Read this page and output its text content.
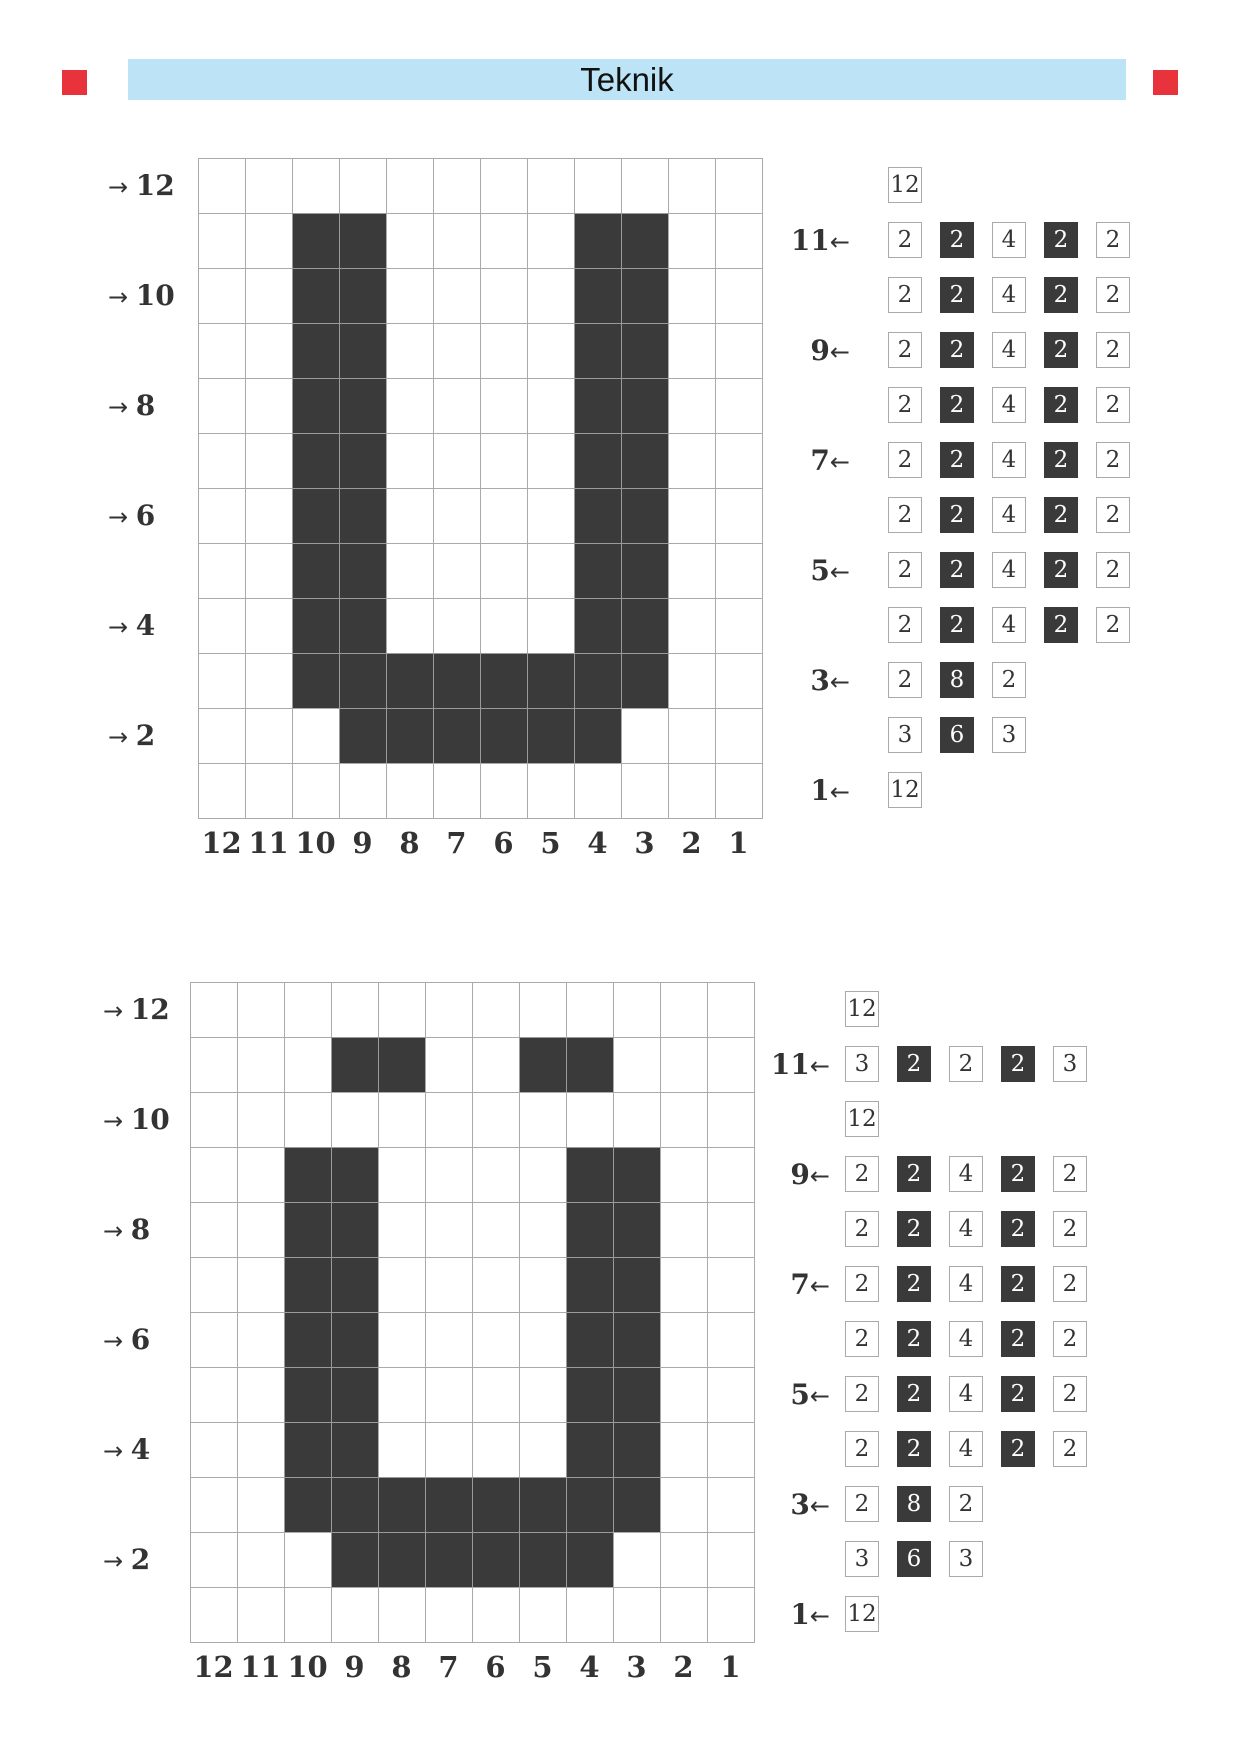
Teknik
12 11 10 9 8 7 6 5 4 3 2 1
→ 12
→ 10
→ 8
→ 6
→ 4
→ 2
11←
9←
7←
5←
3←
1←
12
2	2	4	2	2
2	2	4	2	2
2	2	4	2	2
2	2	4	2	2
2	2	4	2	2
2	2	4	2	2
2	2	4	2	2
2	2	4	2	2
2	8	2
3	6	3
12
12 11 10 9 8 7 6 5 4 3 2 1
→ 12
→ 10
→ 8
→ 6
→ 4
→ 2
11←
9←
7←
5←
3←
1←
12
3	2	2	2	3
12
2	2	4	2	2
2	2	4	2	2
2	2	4	2	2
2	2	4	2	2
2	2	4	2	2
2	2	4	2	2
2	8	2
3	6	3
12
